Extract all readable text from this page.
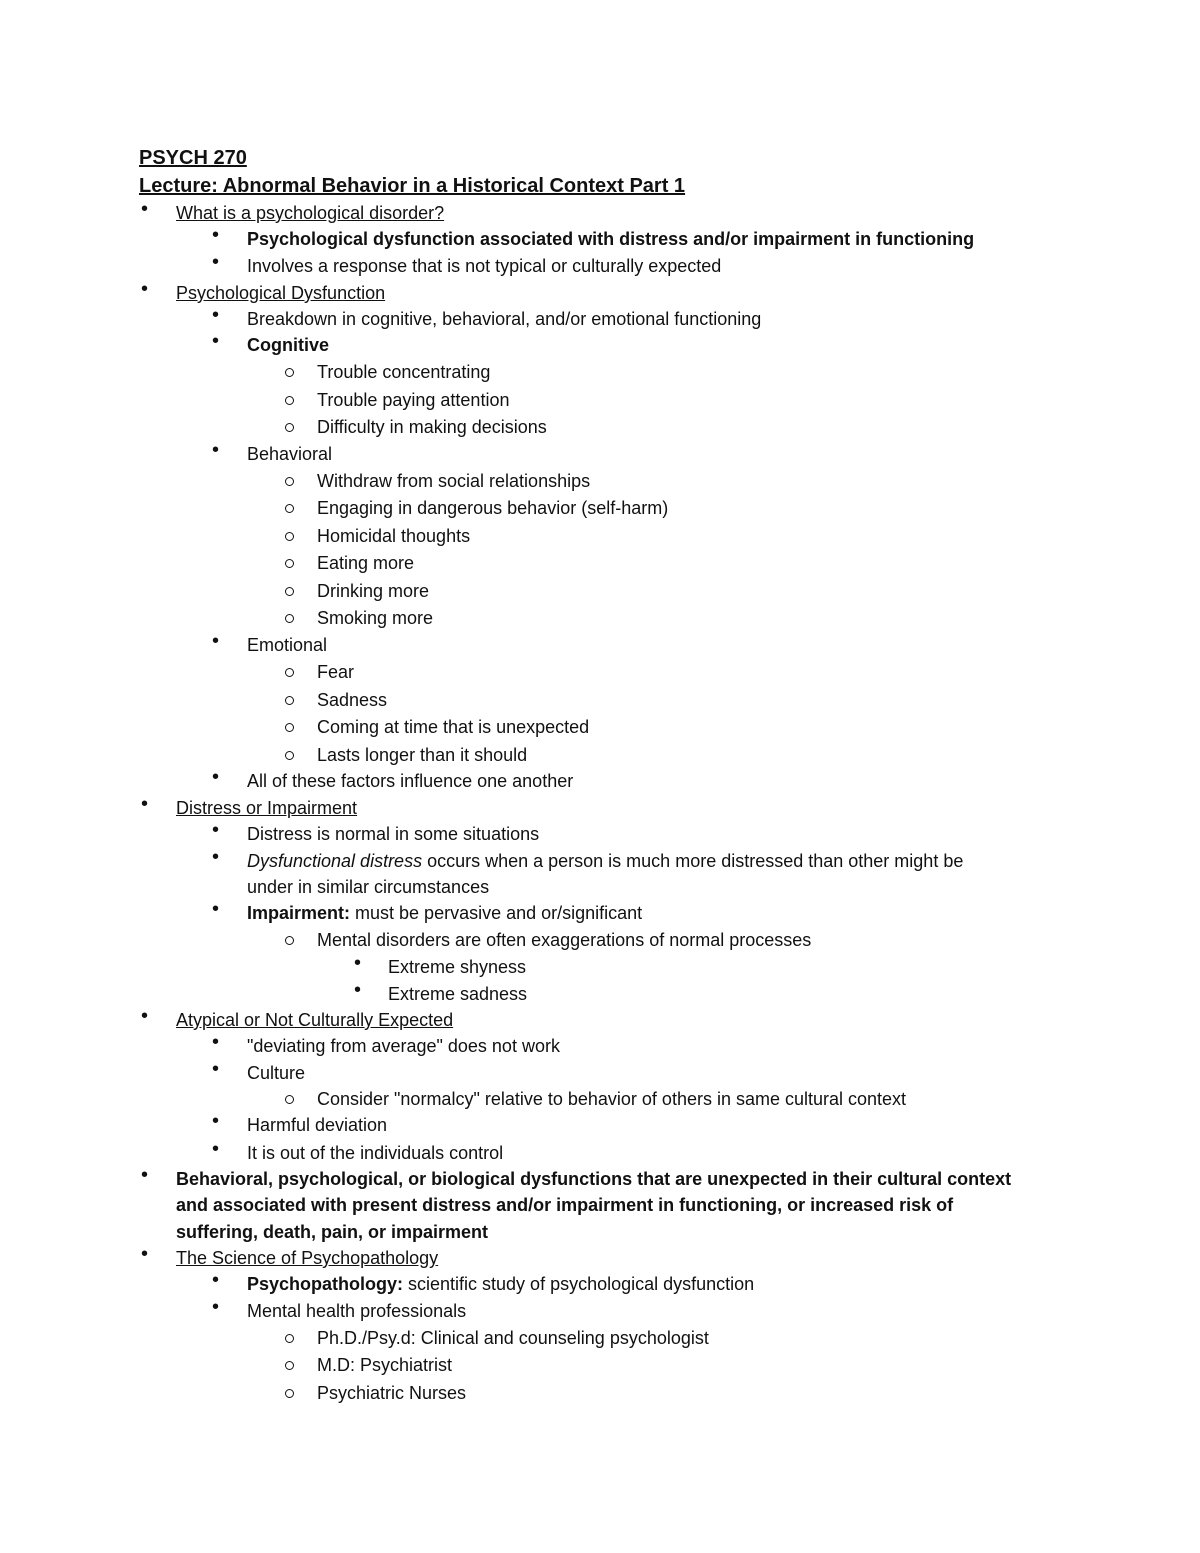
PSYCH 270
Lecture: Abnormal Behavior in a Historical Context Part 1
• What is a psychological disorder?
• Psychological dysfunction associated with distress and/or impairment in functioning
• Involves a response that is not typical or culturally expected
• Psychological Dysfunction
• Breakdown in cognitive, behavioral, and/or emotional functioning
• Cognitive
Trouble concentrating
Trouble paying attention
Difficulty in making decisions
• Behavioral
Withdraw from social relationships
Engaging in dangerous behavior (self-harm)
Homicidal thoughts
Eating more
Drinking more
Smoking more
• Emotional
Fear
Sadness
Coming at time that is unexpected
Lasts longer than it should
• All of these factors influence one another
• Distress or Impairment
• Distress is normal in some situations
• Dysfunctional distress occurs when a person is much more distressed than other might be
under in similar circumstances
• Impairment: must be pervasive and or/significant
Mental disorders are often exaggerations of normal processes
• Extreme shyness
• Extreme sadness
• Atypical or Not Culturally Expected
• "deviating from average" does not work
• Culture
Consider "normalcy" relative to behavior of others in same cultural context
• Harmful deviation
• It is out of the individuals control
• Behavioral, psychological, or biological dysfunctions that are unexpected in their cultural context
and associated with present distress and/or impairment in functioning, or increased risk of
suffering, death, pain, or impairment
• The Science of Psychopathology
• Psychopathology: scientific study of psychological dysfunction
• Mental health professionals
Ph.D./Psy.d: Clinical and counseling psychologist
M.D: Psychiatrist
Psychiatric Nurses
